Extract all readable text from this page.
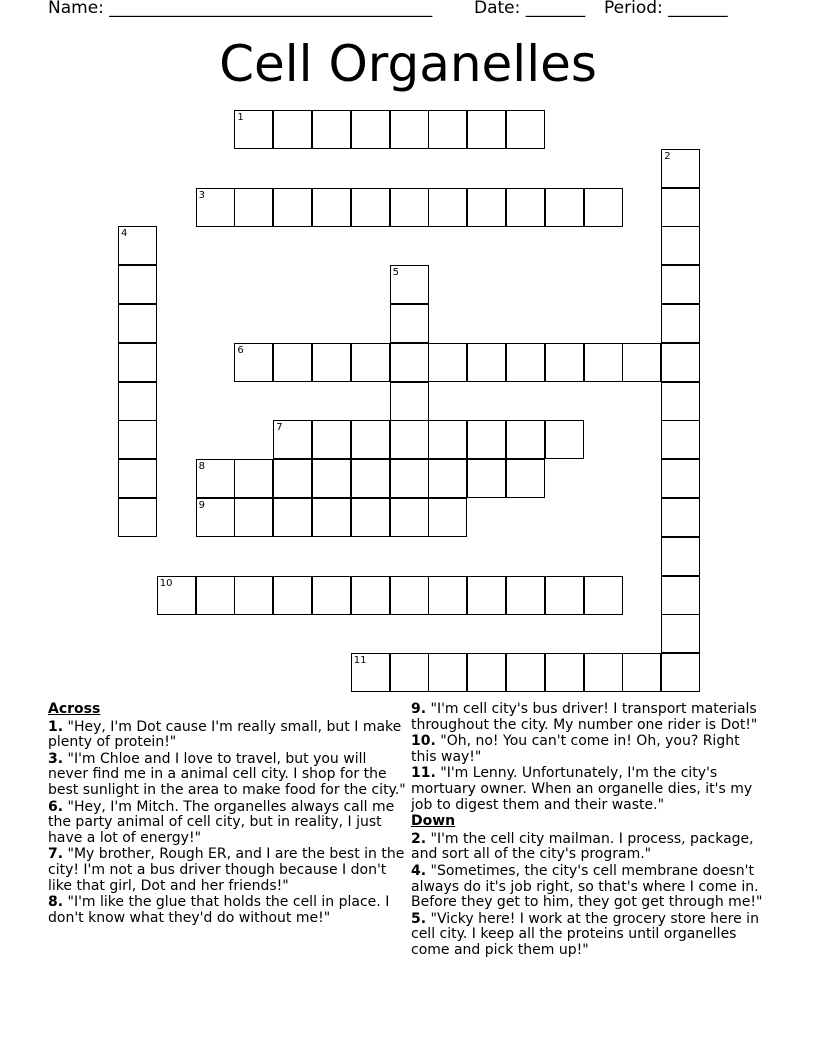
Name: ______________________________________

Date: _______

Period: _______

Cell Organelles
1
2
3
4
5
6
7
8
9
10
11
Across
1. "Hey, I'm Dot cause I'm really small, but I make plenty of protein!"
3. "I'm Chloe and I love to travel, but you will never find me in a animal cell city. I shop for the best sunlight in the area to make food for the city."
6. "Hey, I'm Mitch. The organelles always call me the party animal of cell city, but in reality, I just have a lot of energy!"
7. "My brother, Rough ER, and I are the best in the city! I'm not a bus driver though because I don't like that girl, Dot and her friends!"
8. "I'm like the glue that holds the cell in place. I don't know what they'd do without me!"
9. "I'm cell city's bus driver! I transport materials throughout the city. My number one rider is Dot!"
10. "Oh, no! You can't come in! Oh, you? Right this way!"
11. "I'm Lenny. Unfortunately, I'm the city's mortuary owner. When an organelle dies, it's my job to digest them and their waste."
Down
2. "I'm the cell city mailman. I process, package, and sort all of the city's program."
4. "Sometimes, the city's cell membrane doesn't always do it's job right, so that's where I come in. Before they get to him, they got get through me!"
5. "Vicky here! I work at the grocery store here in cell city. I keep all the proteins until organelles come and pick them up!"
